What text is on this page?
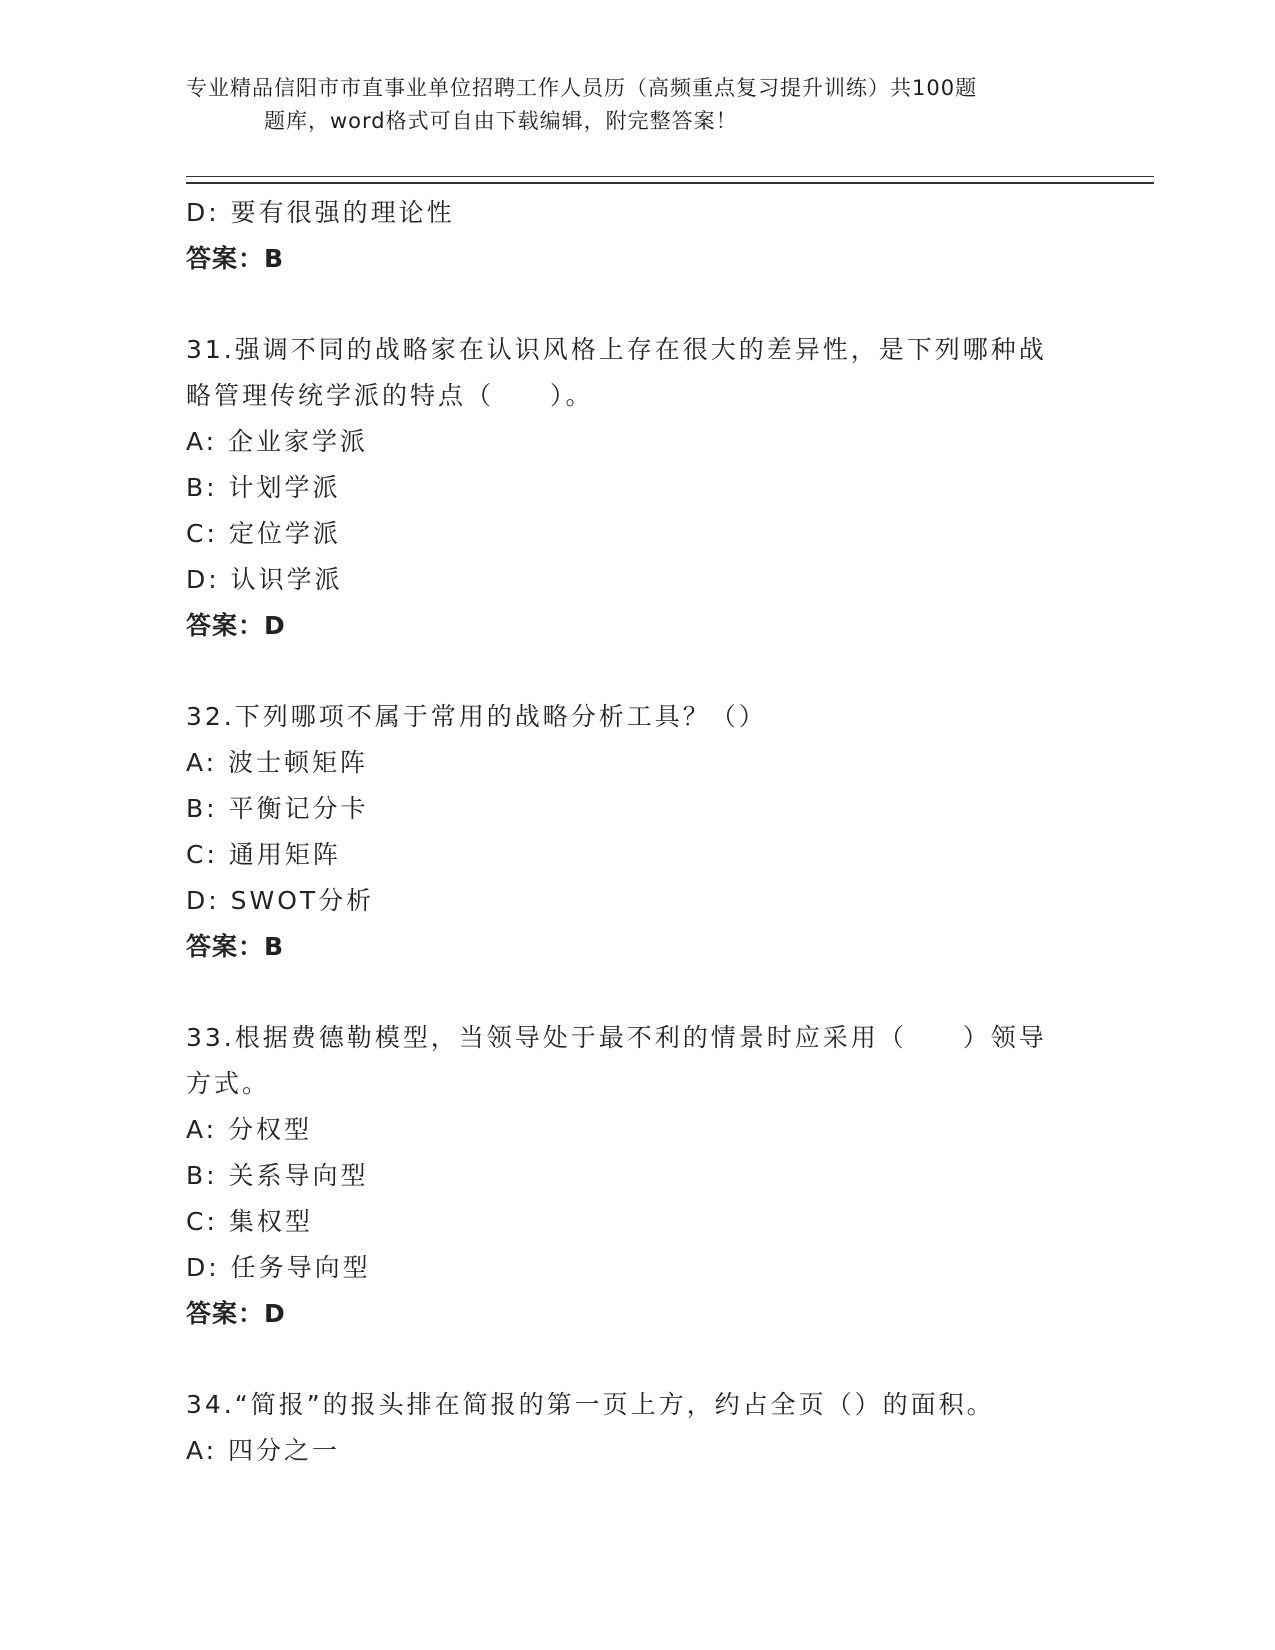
专业精品信阳市市直事业单位招聘工作人员历（高频重点复习提升训练）共100题
题库，word格式可自由下载编辑，附完整答案！
D: 要有很强的理论性
答案：B
31.强调不同的战略家在认识风格上存在很大的差异性，是下列哪种战
略管理传统学派的特点（　　）。
A: 企业家学派
B: 计划学派
C: 定位学派
D: 认识学派
答案：D
32.下列哪项不属于常用的战略分析工具？（）
A: 波士顿矩阵
B: 平衡记分卡
C: 通用矩阵
D: SWOT分析
答案：B
33.根据费德勒模型，当领导处于最不利的情景时应采用（　　）领导
方式。
A: 分权型
B: 关系导向型
C: 集权型
D: 任务导向型
答案：D
34.“简报”的报头排在简报的第一页上方，约占全页（）的面积。
A: 四分之一
